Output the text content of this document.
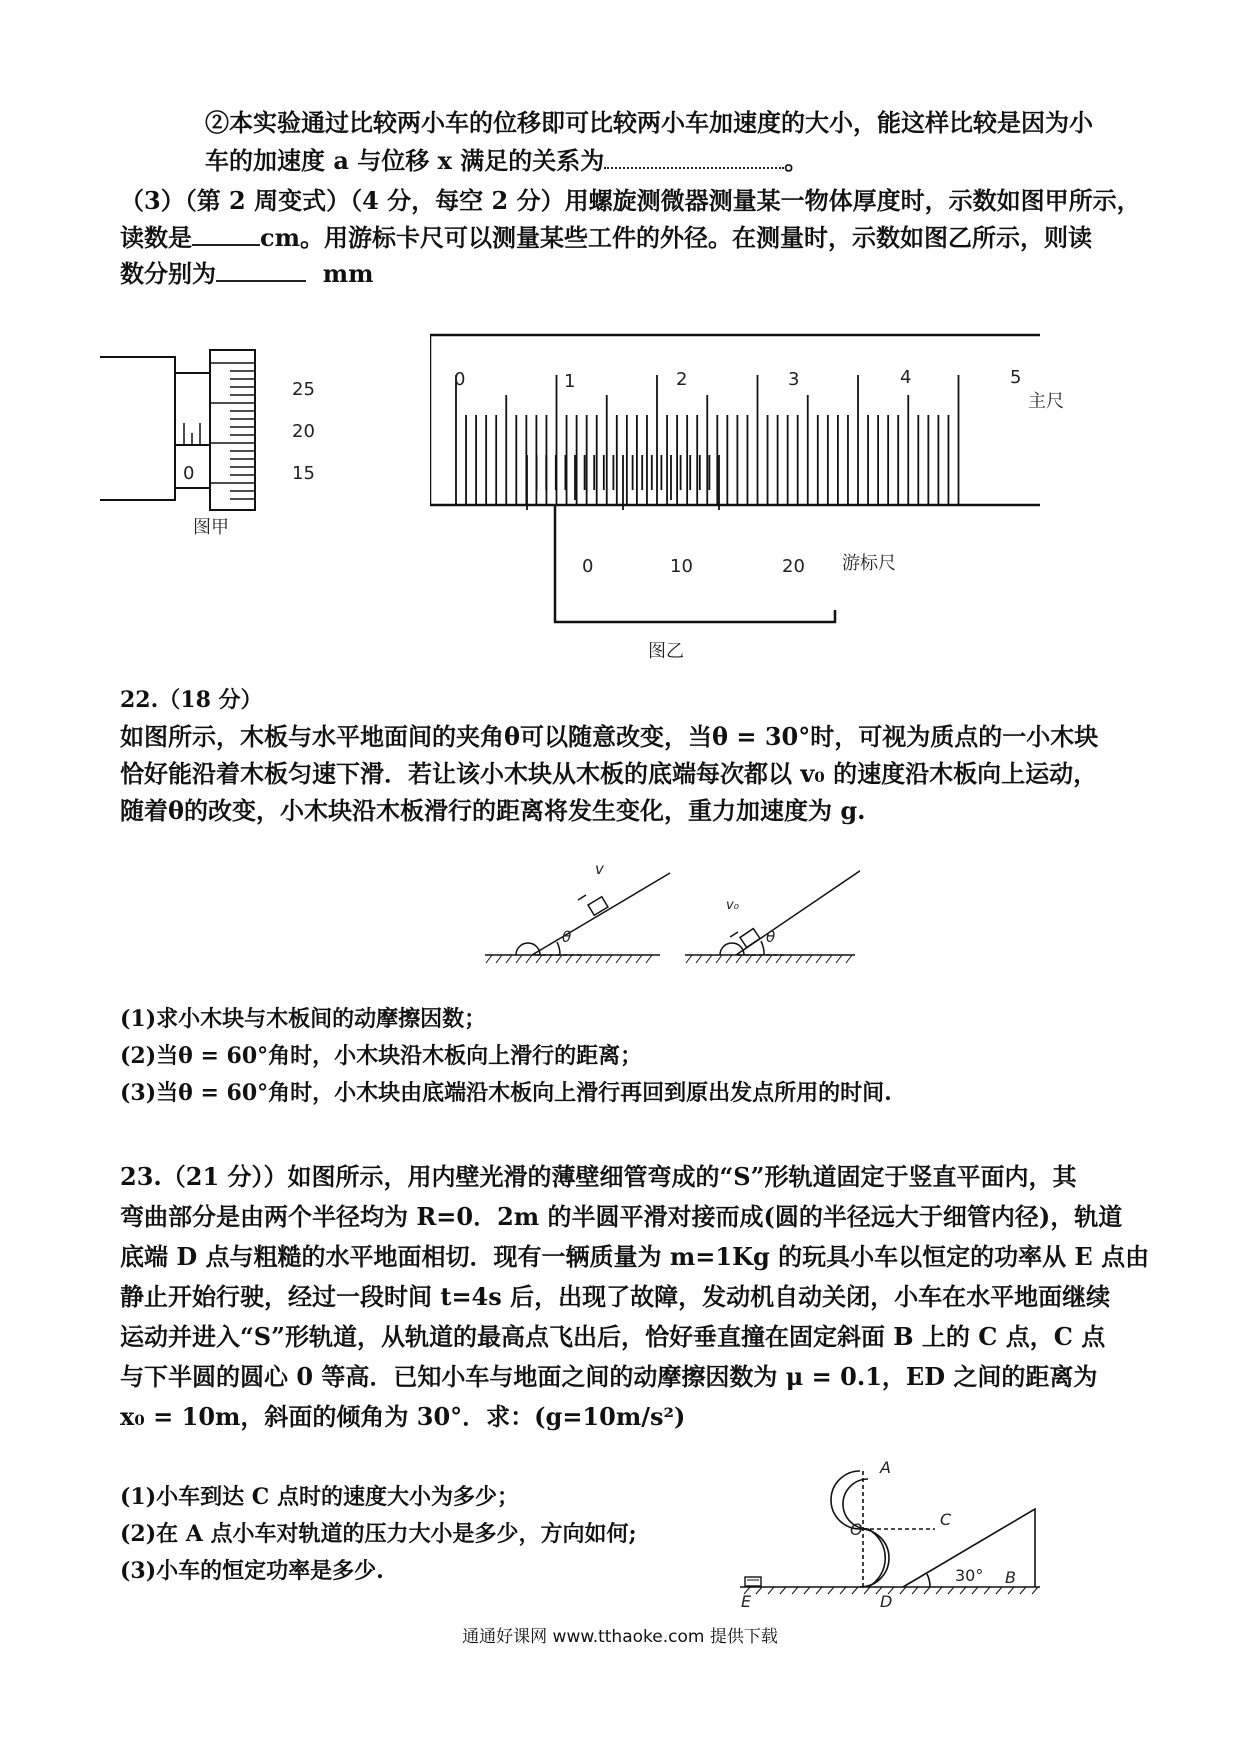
②本实验通过比较两小车的位移即可比较两小车加速度的大小，能这样比较是因为小
车的加速度 a 与位移 x 满足的关系为	。
（3）（第 2 周变式）（4 分，每空 2 分）用螺旋测微器测量某一物体厚度时，示数如图甲所示，
读数是	cm。用游标卡尺可以测量某些工件的外径。在测量时，示数如图乙所示，则读
数分别为	mm
25
20
15
0
图甲
0	1	2	3	4	5
主尺
0	10	20 游标尺
图乙
22.（18 分）
如图所示，木板与水平地面间的夹角θ可以随意改变，当θ = 30°时，可视为质点的一小木块
恰好能沿着木板匀速下滑．若让该小木块从木板的底端每次都以 v₀ 的速度沿木板向上运动，
随着θ的改变，小木块沿木板滑行的距离将发生变化，重力加速度为 g.
v
θ
v₀
θ
(1)求小木块与木板间的动摩擦因数；
(2)当θ = 60°角时，小木块沿木板向上滑行的距离；
(3)当θ = 60°角时，小木块由底端沿木板向上滑行再回到原出发点所用的时间.
23.（21 分））如图所示，用内壁光滑的薄壁细管弯成的“S”形轨道固定于竖直平面内，其
弯曲部分是由两个半径均为 R=0．2m 的半圆平滑对接而成(圆的半径远大于细管内径)，轨道
底端 D 点与粗糙的水平地面相切．现有一辆质量为 m=1Kg 的玩具小车以恒定的功率从 E 点由
静止开始行驶，经过一段时间 t=4s 后，出现了故障，发动机自动关闭，小车在水平地面继续
运动并进入“S”形轨道，从轨道的最高点飞出后，恰好垂直撞在固定斜面 B 上的 C 点，C 点
与下半圆的圆心 0 等高．已知小车与地面之间的动摩擦因数为 μ = 0.1，ED 之间的距离为
x₀ = 10m，斜面的倾角为 30°．求：(g=10m/s²)
(1)小车到达 C 点时的速度大小为多少；
(2)在 A 点小车对轨道的压力大小是多少，方向如何;
(3)小车的恒定功率是多少.
A
O
C
B
30°
D
E
通通好课网 www.tthaoke.com 提供下载
